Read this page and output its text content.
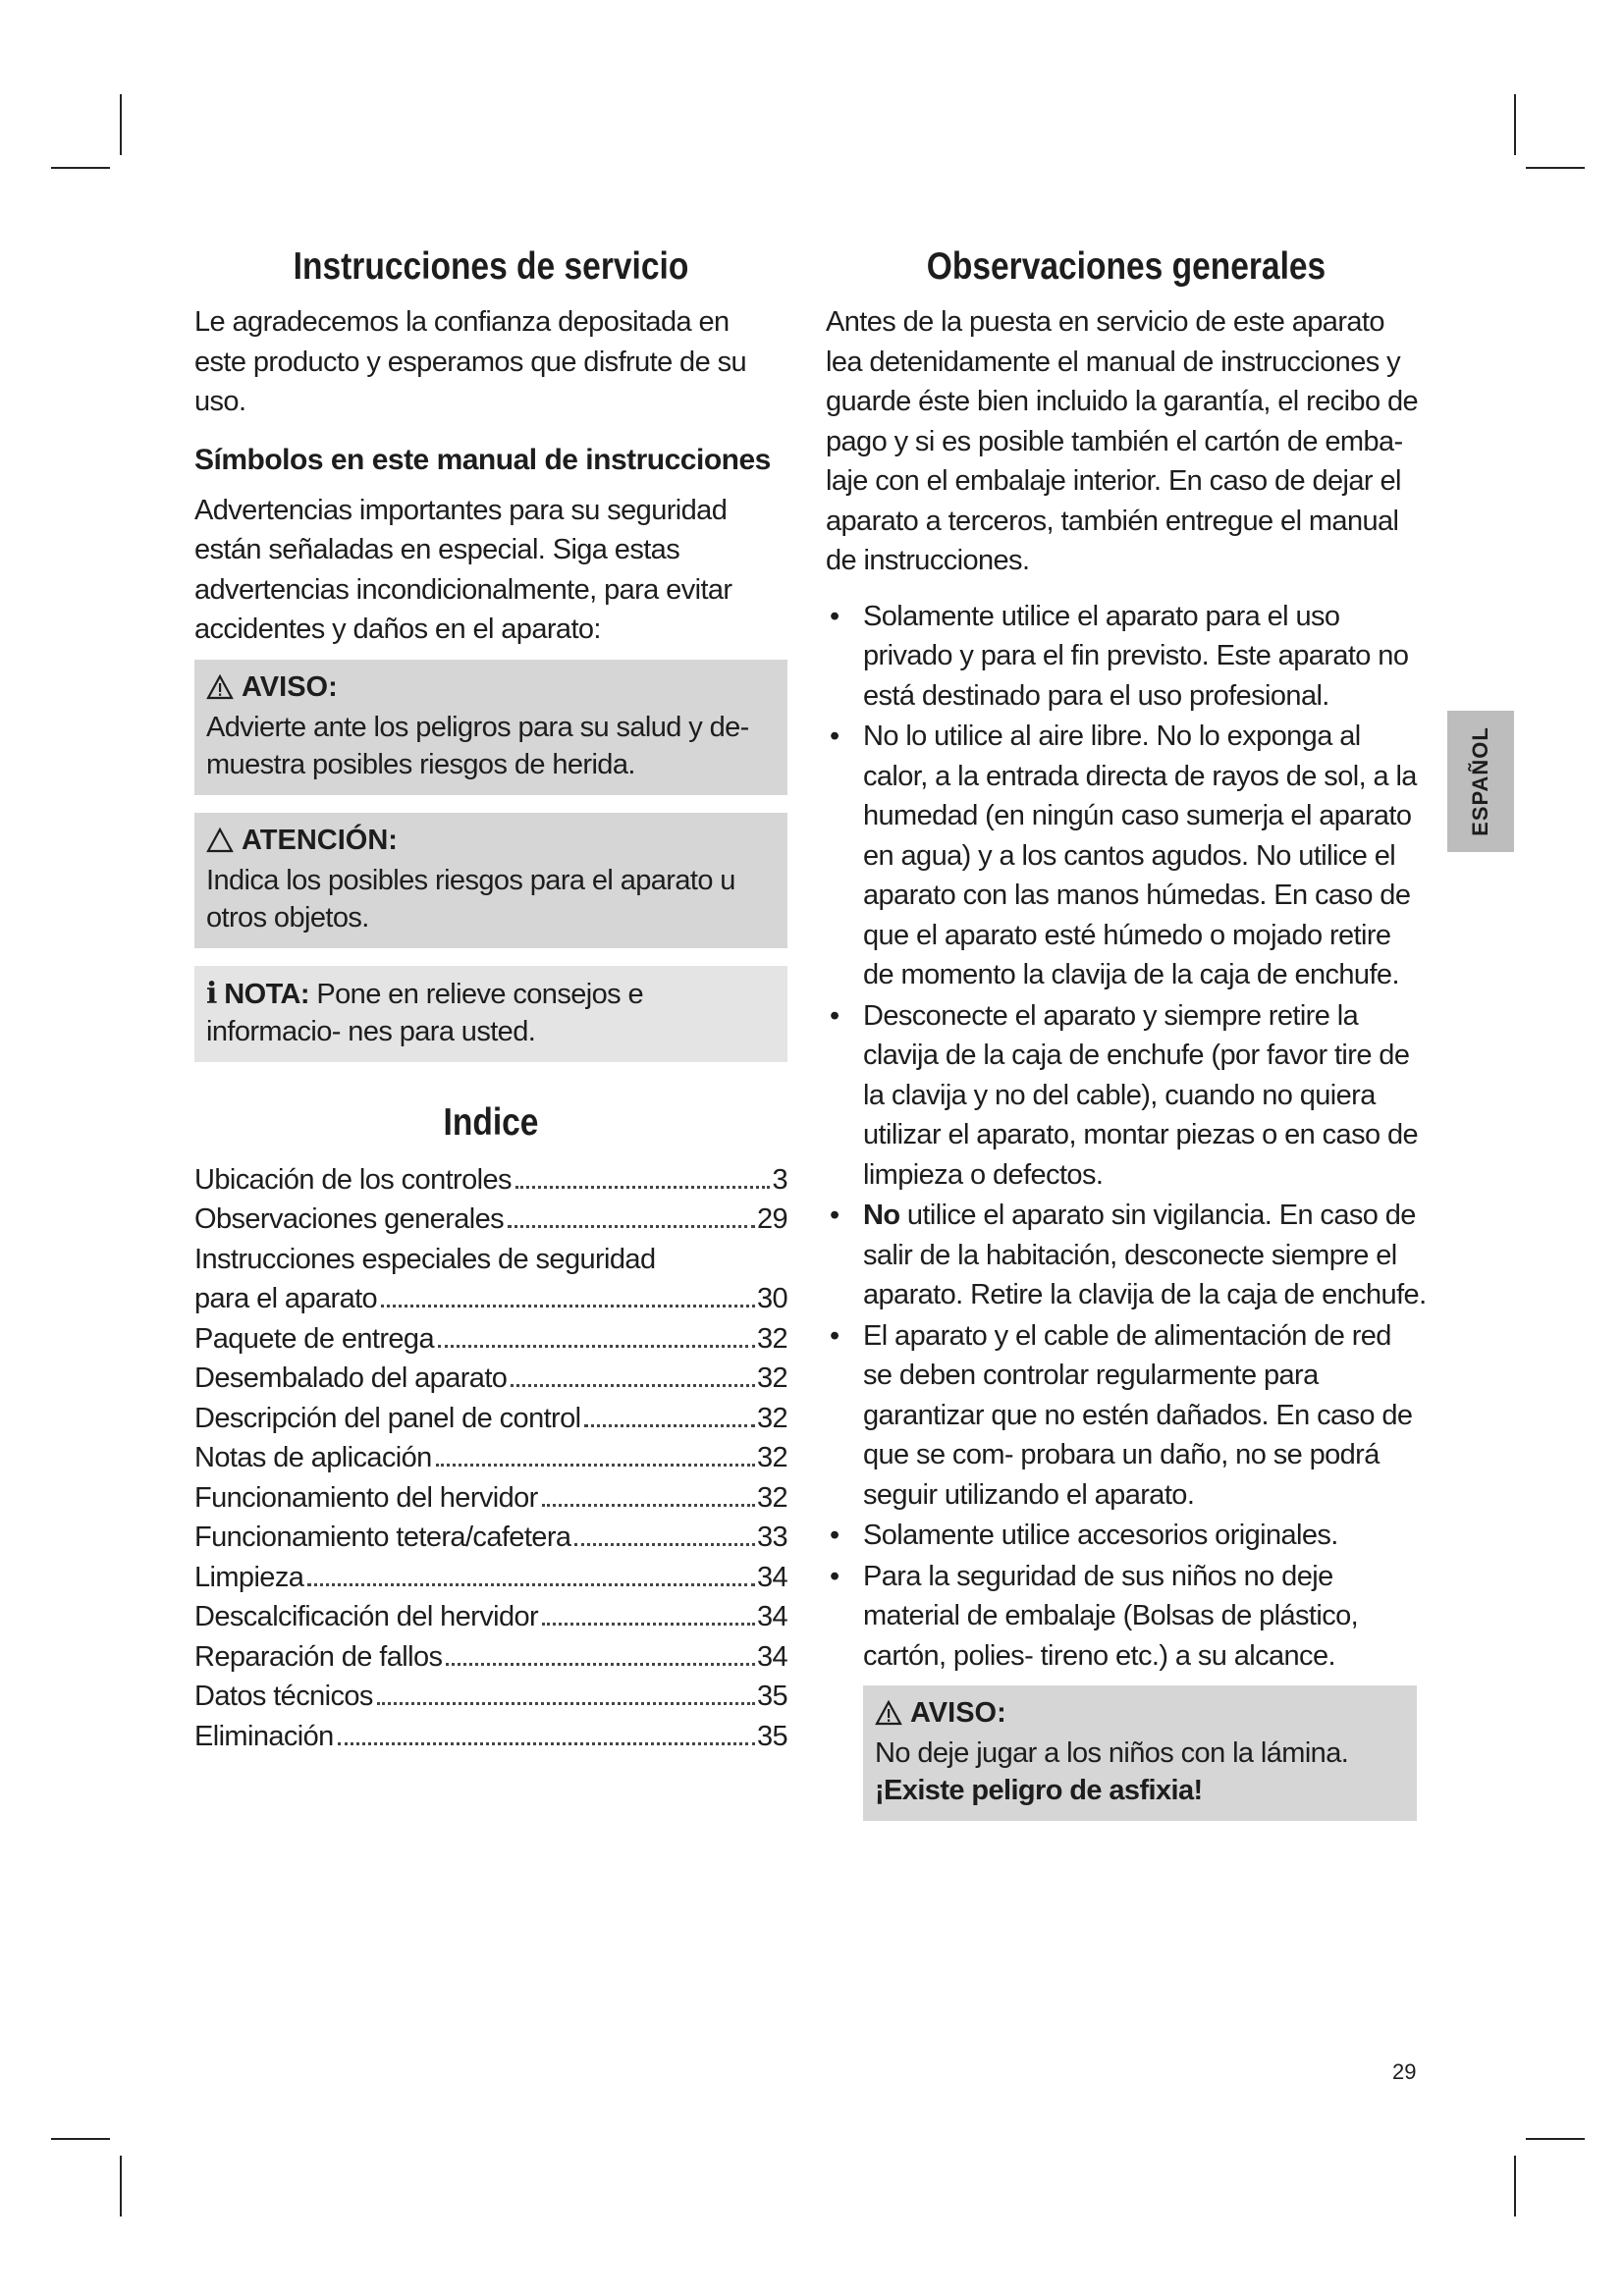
Instrucciones de servicio

Le agradecemos la confianza depositada en este producto y esperamos que disfrute de su uso.

Símbolos en este manual de instrucciones

Advertencias importantes para su seguridad están señaladas en especial. Siga estas advertencias incondicionalmente, para evitar accidentes y daños en el aparato:

AVISO:
Advierte ante los peligros para su salud y de- muestra posibles riesgos de herida.
ATENCIÓN:
Indica los posibles riesgos para el aparato u otros objetos.
i NOTA: Pone en relieve consejos e informacio- nes para usted.
Indice
Ubicación de los controles	3
Observaciones generales	29
Instrucciones especiales de seguridad
para el aparato	30
Paquete de entrega	32
Desembalado del aparato	32
Descripción del panel de control	32
Notas de aplicación	32
Funcionamiento del hervidor	32
Funcionamiento tetera/cafetera	33
Limpieza	34
Descalcificación del hervidor	34
Reparación de fallos	34
Datos técnicos	35
Eliminación	35
Observaciones generales

Antes de la puesta en servicio de este aparato lea detenidamente el manual de instrucciones y guarde éste bien incluido la garantía, el recibo de pago y si es posible también el cartón de emba- laje con el embalaje interior. En caso de dejar el aparato a terceros, también entregue el manual de instrucciones.

• Solamente utilice el aparato para el uso privado y para el fin previsto. Este aparato no está destinado para el uso profesional.
• No lo utilice al aire libre. No lo exponga al calor, a la entrada directa de rayos de sol, a la humedad (en ningún caso sumerja el aparato en agua) y a los cantos agudos. No utilice el aparato con las manos húmedas. En caso de que el aparato esté húmedo o mojado retire de momento la clavija de la caja de enchufe.
• Desconecte el aparato y siempre retire la clavija de la caja de enchufe (por favor tire de la clavija y no del cable), cuando no quiera utilizar el aparato, montar piezas o en caso de limpieza o defectos.
• No utilice el aparato sin vigilancia. En caso de salir de la habitación, desconecte siempre el aparato. Retire la clavija de la caja de enchufe.
• El aparato y el cable de alimentación de red se deben controlar regularmente para garantizar que no estén dañados. En caso de que se com- probara un daño, no se podrá seguir utilizando el aparato.
• Solamente utilice accesorios originales.
• Para la seguridad de sus niños no deje material de embalaje (Bolsas de plástico, cartón, polies- tireno etc.) a su alcance.
AVISO:
No deje jugar a los niños con la lámina.
¡Existe peligro de asfixia!
ESPAÑOL
29
